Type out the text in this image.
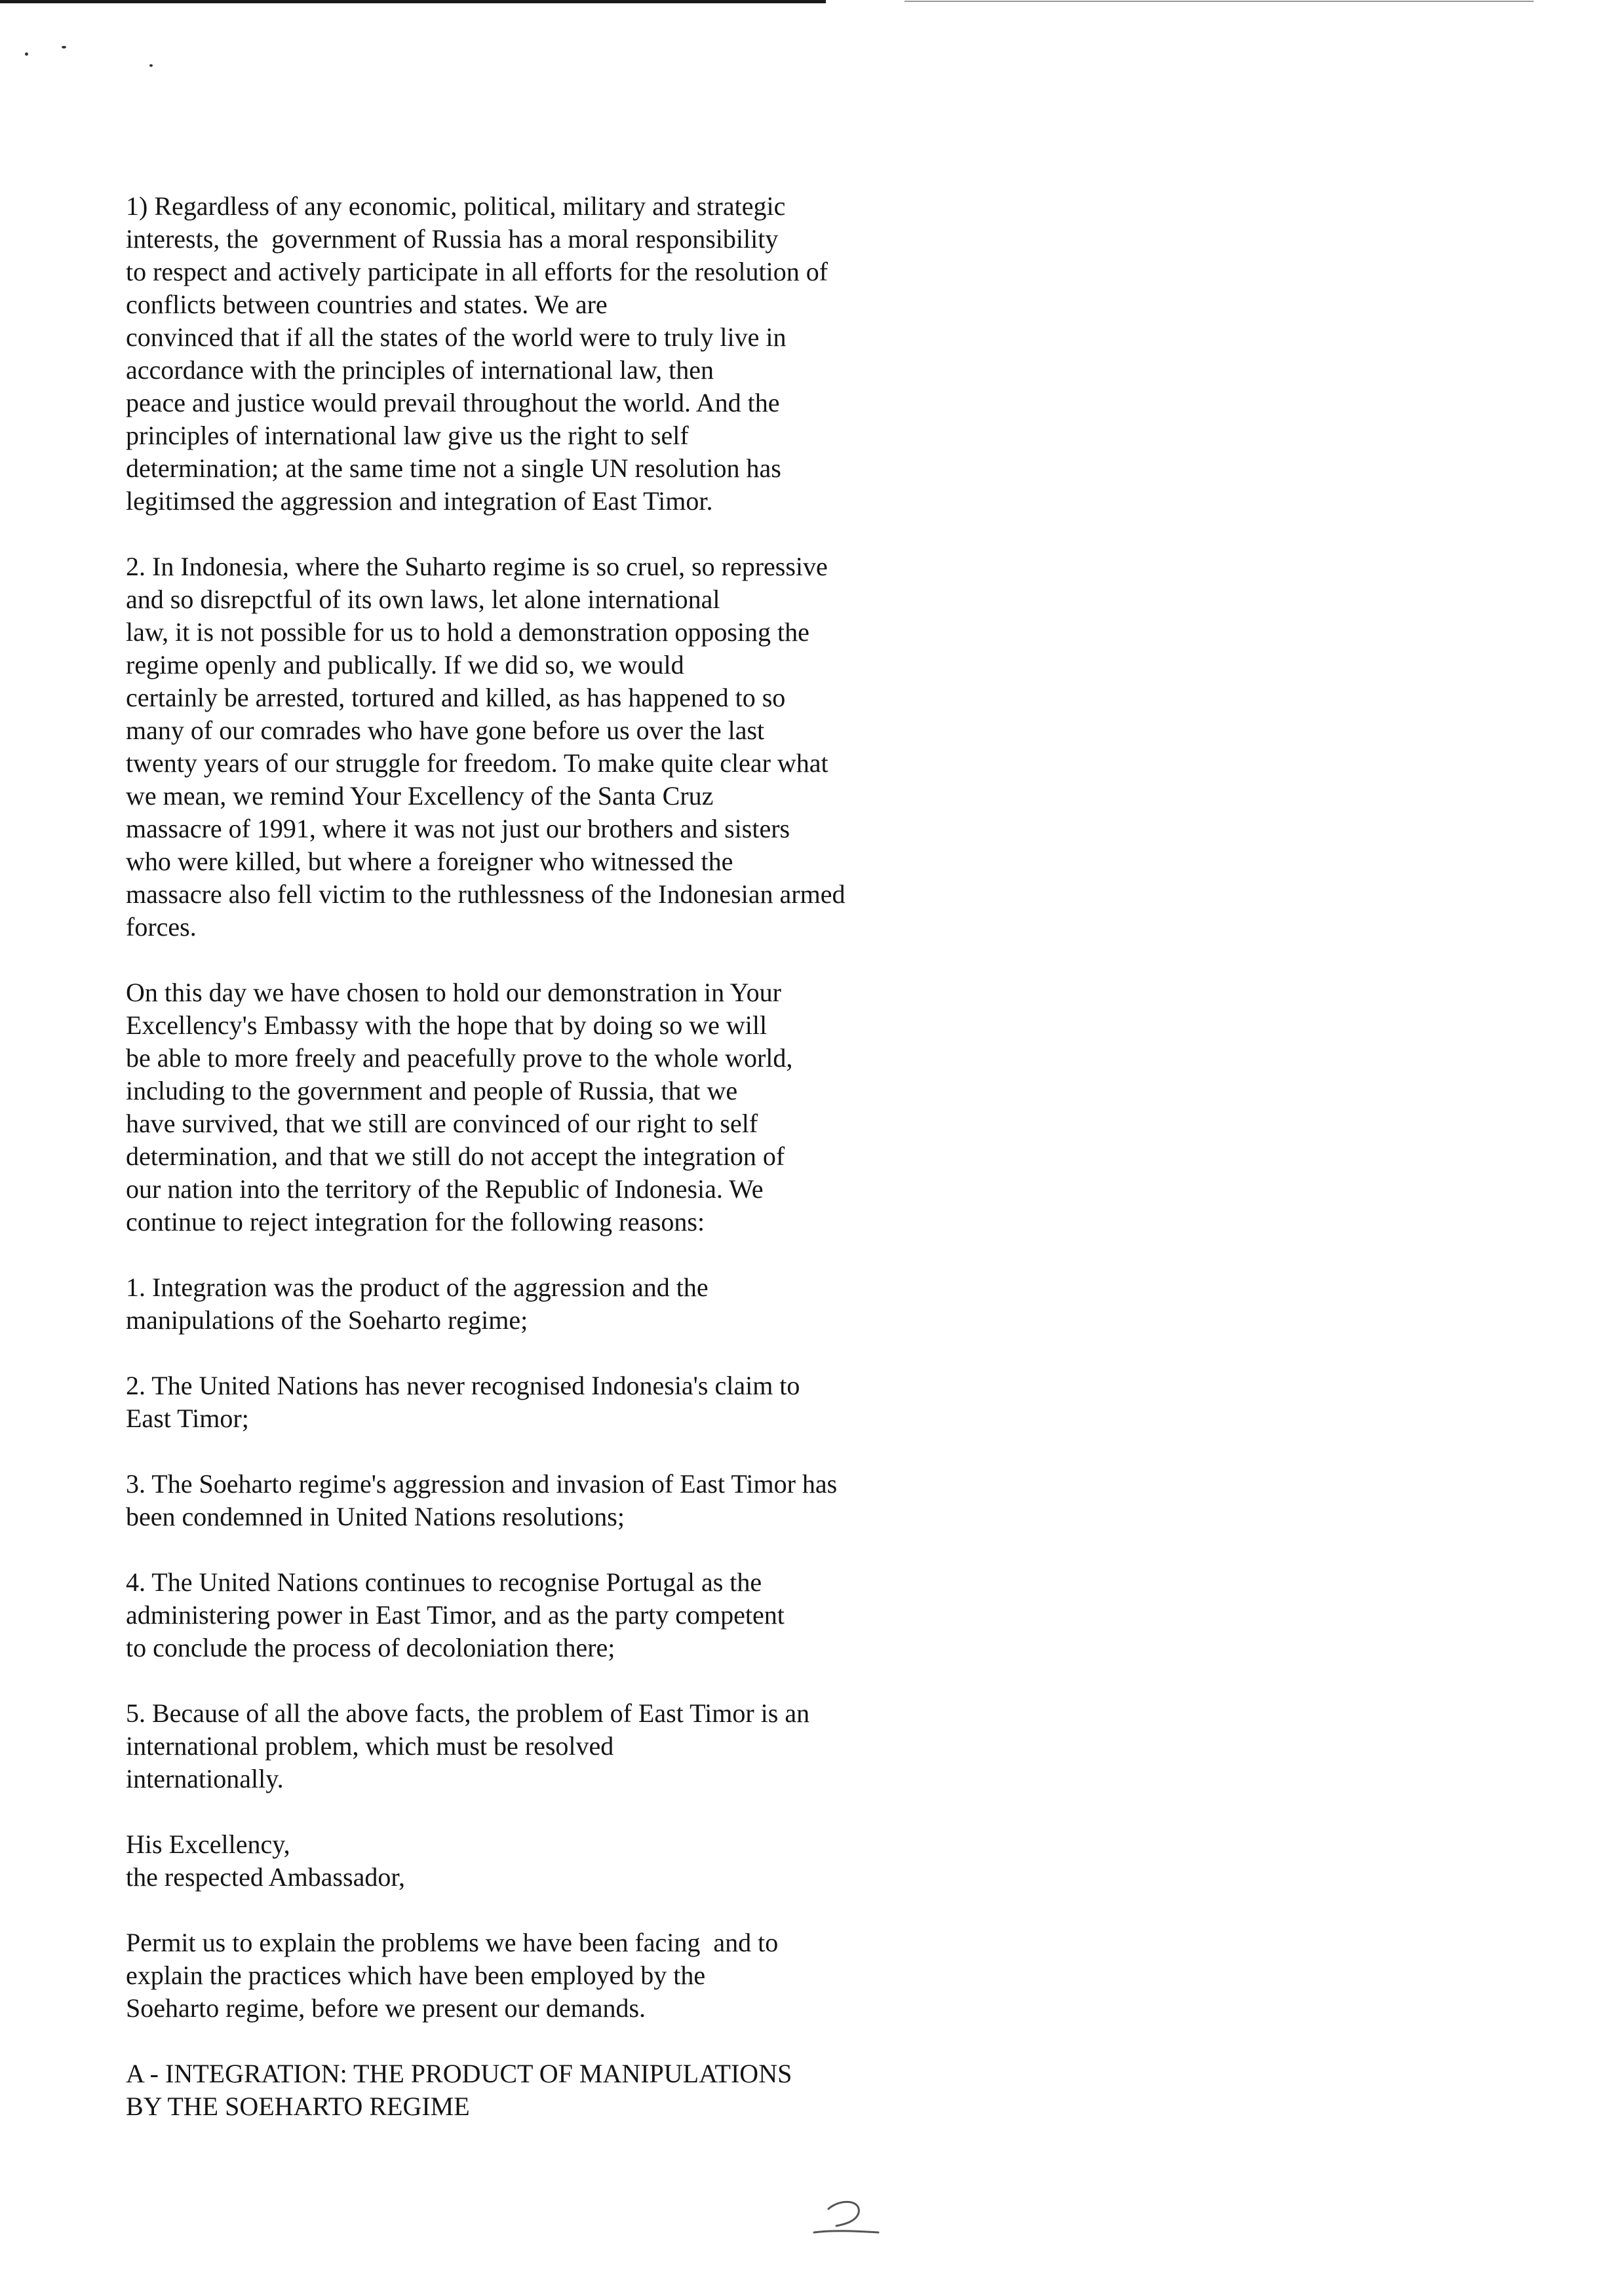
1) Regardless of any economic, political, military and strategic
interests, the  government of Russia has a moral responsibility
to respect and actively participate in all efforts for the resolution of
conflicts between countries and states. We are
convinced that if all the states of the world were to truly live in
accordance with the principles of international law, then
peace and justice would prevail throughout the world. And the
principles of international law give us the right to self
determination; at the same time not a single UN resolution has
legitimsed the aggression and integration of East Timor.
2. In Indonesia, where the Suharto regime is so cruel, so repressive
and so disrepctful of its own laws, let alone international
law, it is not possible for us to hold a demonstration opposing the
regime openly and publically. If we did so, we would
certainly be arrested, tortured and killed, as has happened to so
many of our comrades who have gone before us over the last
twenty years of our struggle for freedom. To make quite clear what
we mean, we remind Your Excellency of the Santa Cruz
massacre of 1991, where it was not just our brothers and sisters
who were killed, but where a foreigner who witnessed the
massacre also fell victim to the ruthlessness of the Indonesian armed
forces.
On this day we have chosen to hold our demonstration in Your
Excellency's Embassy with the hope that by doing so we will
be able to more freely and peacefully prove to the whole world,
including to the government and people of Russia, that we
have survived, that we still are convinced of our right to self
determination, and that we still do not accept the integration of
our nation into the territory of the Republic of Indonesia. We
continue to reject integration for the following reasons:
1. Integration was the product of the aggression and the
manipulations of the Soeharto regime;
2. The United Nations has never recognised Indonesia's claim to
East Timor;
3. The Soeharto regime's aggression and invasion of East Timor has
been condemned in United Nations resolutions;
4. The United Nations continues to recognise Portugal as the
administering power in East Timor, and as the party competent
to conclude the process of decoloniation there;
5. Because of all the above facts, the problem of East Timor is an
international problem, which must be resolved
internationally.
His Excellency,
the respected Ambassador,
Permit us to explain the problems we have been facing  and to
explain the practices which have been employed by the
Soeharto regime, before we present our demands.
A - INTEGRATION: THE PRODUCT OF MANIPULATIONS
BY THE SOEHARTO REGIME
